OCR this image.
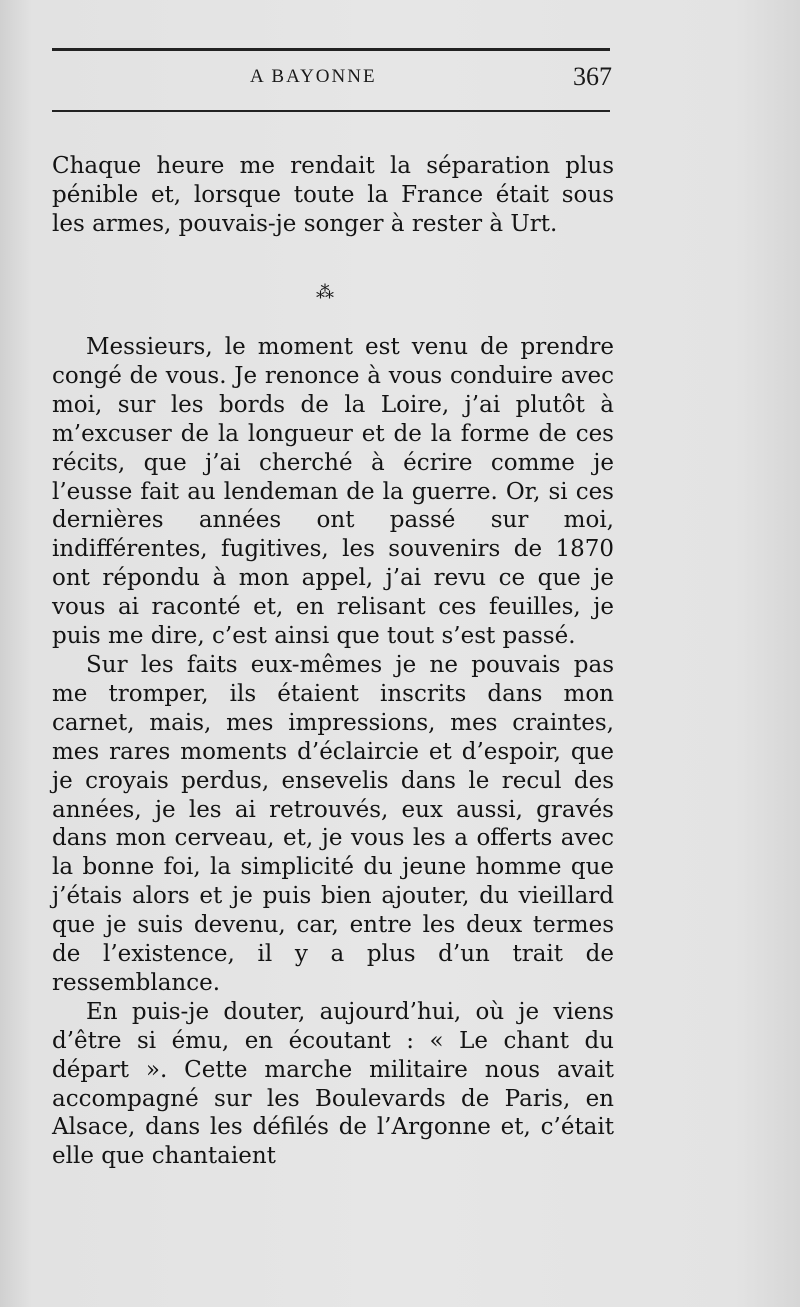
A BAYONNE	367

Chaque heure me rendait la séparation plus pénible et, lorsque toute la France était sous les armes, pouvais-je songer à rester à Urt.

⁂

Messieurs, le moment est venu de prendre congé de vous. Je renonce à vous conduire avec moi, sur les bords de la Loire, j’ai plutôt à m’excuser de la longueur et de la forme de ces récits, que j’ai cherché à écrire comme je l’eusse fait au lendeman de la guerre. Or, si ces dernières années ont passé sur moi, indifférentes, fugitives, les souvenirs de 1870 ont répondu à mon appel, j’ai revu ce que je vous ai raconté et, en relisant ces feuilles, je puis me dire, c’est ainsi que tout s’est passé.

Sur les faits eux-mêmes je ne pouvais pas me tromper, ils étaient inscrits dans mon carnet, mais, mes impressions, mes craintes, mes rares moments d’éclaircie et d’espoir, que je croyais perdus, ensevelis dans le recul des années, je les ai retrouvés, eux aussi, gravés dans mon cerveau, et, je vous les a offerts avec la bonne foi, la simplicité du jeune homme que j’étais alors et je puis bien ajouter, du vieillard que je suis devenu, car, entre les deux termes de l’existence, il y a plus d’un trait de ressemblance.

En puis-je douter, aujourd’hui, où je viens d’être si ému, en écoutant : « Le chant du départ ». Cette marche militaire nous avait accompagné sur les Boulevards de Paris, en Alsace, dans les défilés de l’Argonne et, c’était elle que chantaient
